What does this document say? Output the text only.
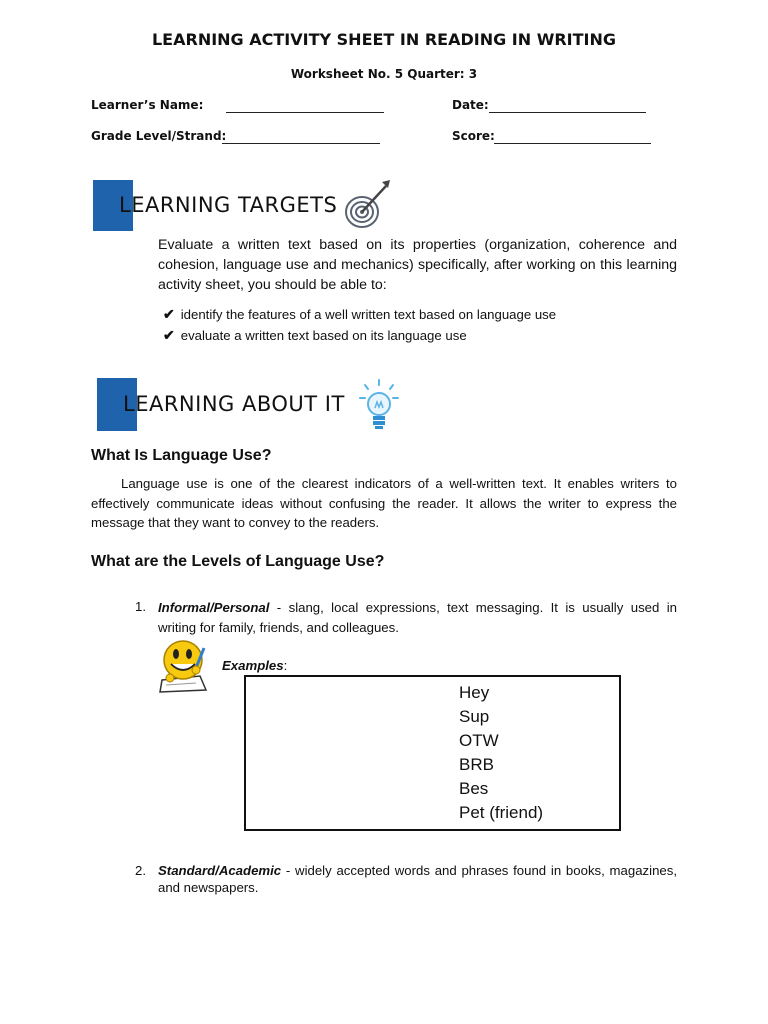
LEARNING ACTIVITY SHEET IN READING IN WRITING
Worksheet No. 5 Quarter: 3
Learner’s Name:	Date:
Grade Level/Strand:	Score:
LEARNING TARGETS
Evaluate a written text based on its properties (organization, coherence and cohesion, language use and mechanics) specifically, after working on this learning activity sheet, you should be able to:
✔ identify the features of a well written text based on language use
✔ evaluate a written text based on its language use
LEARNING ABOUT IT
What Is Language Use?
Language use is one of the clearest indicators of a well-written text. It enables writers to effectively communicate ideas without confusing the reader. It allows the writer to express the message that they want to convey to the readers.
What are the Levels of Language Use?
1. Informal/Personal - slang, local expressions, text messaging. It is usually used in writing for family, friends, and colleagues.
Examples:
Hey
Sup
OTW
BRB
Bes
Pet (friend)
2. Standard/Academic - widely accepted words and phrases found in books, magazines, and newspapers.
